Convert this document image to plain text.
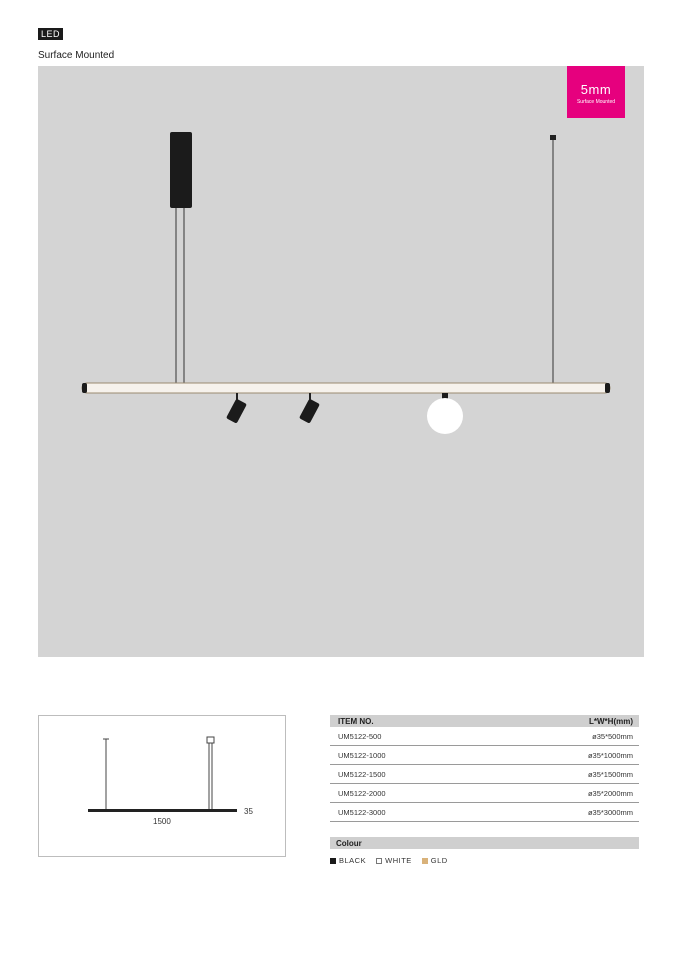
LED
Surface Mounted
5mm
Surface Mounted
1500
35
ITEM NO.	L*W*H(mm)
UM5122-500	ø35*500mm
UM5122-1000	ø35*1000mm
UM5122-1500	ø35*1500mm
UM5122-2000	ø35*2000mm
UM5122-3000	ø35*3000mm
Colour
BLACK	WHITE	GLD
